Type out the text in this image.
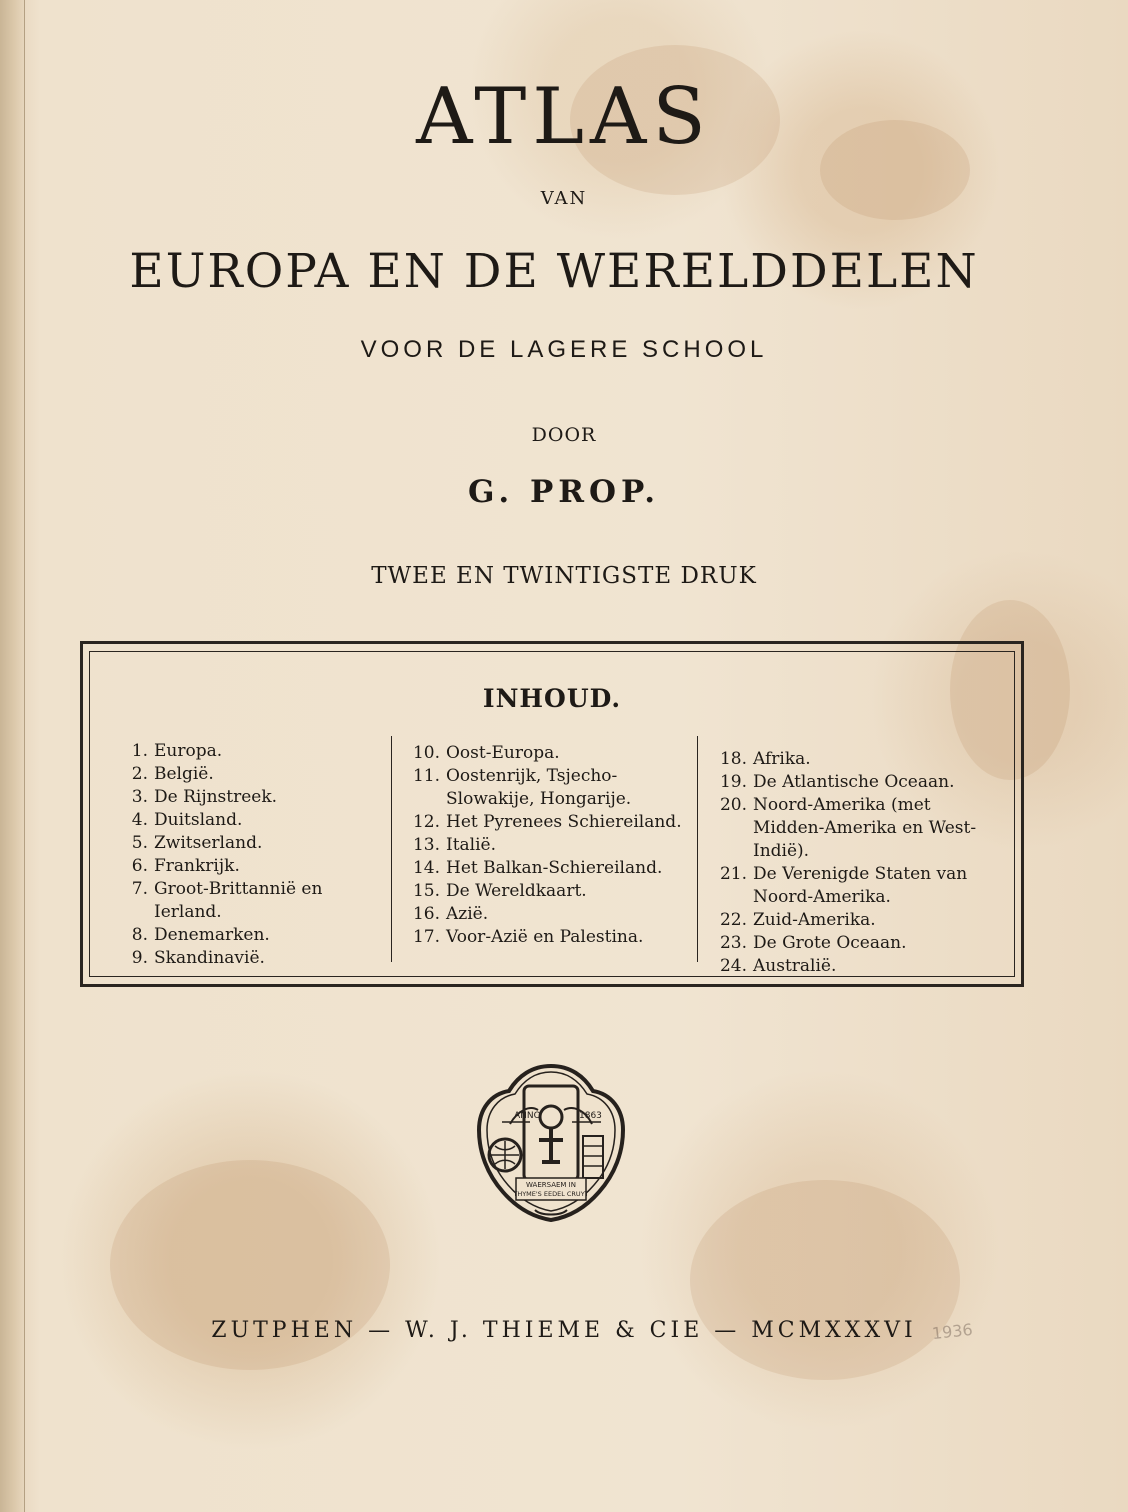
ATLAS
VAN
EUROPA EN DE WERELDDELEN
VOOR DE LAGERE SCHOOL
DOOR
G. PROP.
TWEE EN TWINTIGSTE DRUK
INHOUD.
1. Europa.
2. België.
3. De Rijnstreek.
4. Duitsland.
5. Zwitserland.
6. Frankrijk.
7. Groot-Brittannië en Ierland.
8. Denemarken.
9. Skandinavië.
10. Oost-Europa.
11. Oostenrijk, Tsjecho-Slowakije, Hongarije.
12. Het Pyrenees Schiereiland.
13. Italië.
14. Het Balkan-Schiereiland.
15. De Wereldkaart.
16. Azië.
17. Voor-Azië en Palestina.
18. Afrika.
19. De Atlantische Oceaan.
20. Noord-Amerika (met Midden-Amerika en West-Indië).
21. De Verenigde Staten van Noord-Amerika.
22. Zuid-Amerika.
23. De Grote Oceaan.
24. Australië.
ANNO	1863
WAERSAEM IN
THYME'S EEDEL CRUYT
ZUTPHEN — W. J. THIEME & CIE — MCMXXXVI 1936
